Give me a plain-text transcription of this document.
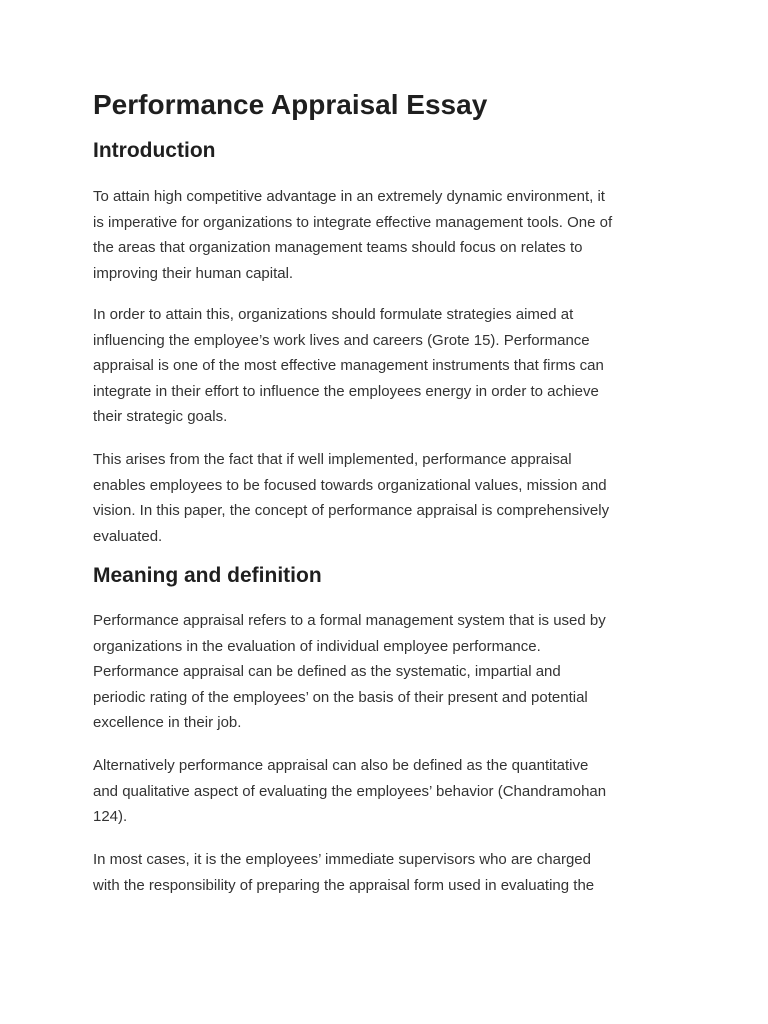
Performance Appraisal Essay
Introduction

To attain high competitive advantage in an extremely dynamic environment, it
is imperative for organizations to integrate effective management tools. One of
the areas that organization management teams should focus on relates to
improving their human capital.

In order to attain this, organizations should formulate strategies aimed at
influencing the employee’s work lives and careers (Grote 15). Performance
appraisal is one of the most effective management instruments that firms can
integrate in their effort to influence the employees energy in order to achieve
their strategic goals.

This arises from the fact that if well implemented, performance appraisal
enables employees to be focused towards organizational values, mission and
vision. In this paper, the concept of performance appraisal is comprehensively
evaluated.

Meaning and definition

Performance appraisal refers to a formal management system that is used by
organizations in the evaluation of individual employee performance.
Performance appraisal can be defined as the systematic, impartial and
periodic rating of the employees’ on the basis of their present and potential
excellence in their job.

Alternatively performance appraisal can also be defined as the quantitative
and qualitative aspect of evaluating the employees’ behavior (Chandramohan
124).

In most cases, it is the employees’ immediate supervisors who are charged
with the responsibility of preparing the appraisal form used in evaluating the
